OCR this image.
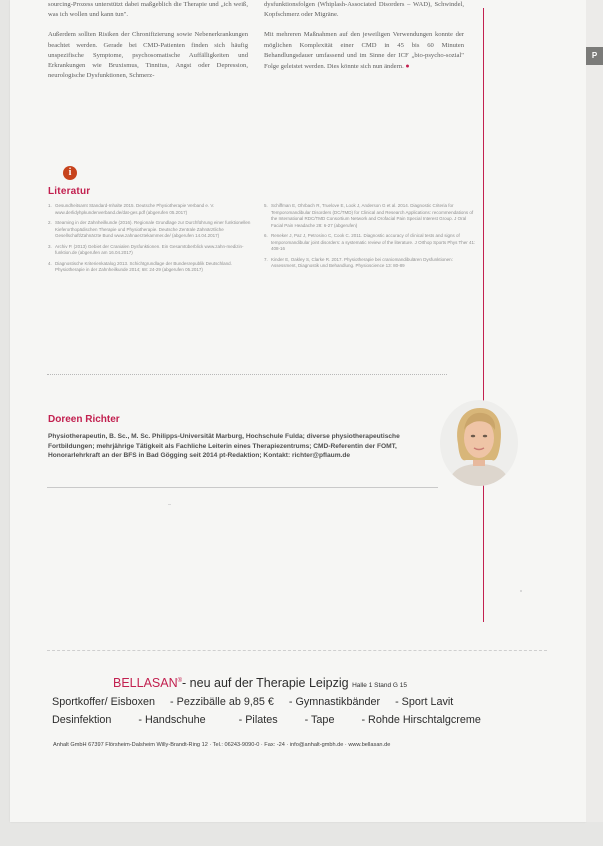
P

sourcing-Prozess unterstützt dabei maßgeblich die Therapie und „ich weiß, was ich wollen und kann tun".

Außerdem sollten Risiken der Chronifizierung sowie Nebenerkrankungen beachtet werden. Gerade bei CMD-Patienten finden sich häufig unspezifische Symptome, psychosomatische Auffälligkeiten und Erkrankungen wie Bruxismus, Tinnitus, Angst oder Depression, neurologische Dysfunktionen, Schmerz-

dysfunktionsfolgen (Whiplash-Associated Disorders – WAD), Schwindel, Kopfschmerz oder Migräne.

Mit mehreren Maßnahmen auf den jeweiligen Verwendungen konnte der möglichen Komplexität einer CMD in 45 bis 60 Minuten Behandlungsdauer umfassend und im Sinne der ICF „bio-psycho-sozial" Folge geleistet werden. Dies könnte sich nun ändern. ●

i
Literatur
1. Gesundheitsamt Standard-Inhalte 2015. Deutsche Physiotherapie Verband e. V. www.derlidyhpkundenverband.de/dat-ges.pdf (abgerufen 05.2017)
2. Steaming in der Zahnheilkunde (2016). Regionale Grundlage zur Durchführung einer funktionellen Kieferorthopädischen Therapie und Physiotherapie. Deutsche Zentrale Zahnärztliche Gesellschaft/Zahnärzte Bund www.zahnaerztekammer.de/ (abgerufen 14.04.2017)
3. Archiv P. (2013) Gebiet der Cranialen Dysfunktionen. Ein Gesamtüberblick www.zahn-medizin-funktion.de (abgerufen am 16.04.2017)
4. Diagnostische Kriterienkatalog 2013. Schichtgrundlage der Bundesrepublik Deutschland. Physiotherapie in der Zahnheilkunde 2014; 68: 24-29 (abgerufen 05.2017)
5. Schiffman E, Ohrbach R, Truelove E, Look J, Anderson G et al. 2014. Diagnostic Criteria for Temporomandibular Disorders (DC/TMD) for Clinical and Research Applications: recommendations of the International RDC/TMD Consortium Network and Orofacial Pain Special Interest Group. J Oral Facial Pain Headache 28: 6-27 (abgerufen)
6. Reneker J, Paz J, Petrosino C, Cook C. 2011. Diagnostic accuracy of clinical tests and signs of temporomandibular joint disorders: a systematic review of the literature. J Orthop Sports Phys Ther 41: 408-16
7. Kinder E, Oakley S, Clarke R. 2017. Physiotherapie bei craniomandibulären Dysfunktionen: Assessment, Diagnostik und Behandlung. Physioscience 13: 80-89
Doreen Richter

Physiotherapeutin, B. Sc., M. Sc. Philipps-Universität Marburg, Hochschule Fulda; diverse physiotherapeutische Fortbildungen; mehrjährige Tätigkeit als Fachliche Leiterin eines Therapiezentrums; CMD-Referentin der FOMT, Honorarlehrkraft an der BFS in Bad Gögging seit 2014 pt-Redaktion; Kontakt: richter@pflaum.de

BELLASAN®- neu auf der Therapie Leipzig Halle 1 Stand G 15
Sportkoffer/ Eisboxen     - Pezzibälle ab 9,85 €     - Gymnastikbänder     - Sport Lavit
Desinfektion         - Handschuhe           - Pilates         - Tape         - Rohde Hirschtalgcreme
Anhalt GmbH 67397 Flörsheim-Dalsheim Willy-Brandt-Ring 12 · Tel.: 06243-9090-0 · Fax: -24 · info@anhalt-gmbh.de · www.bellasan.de
